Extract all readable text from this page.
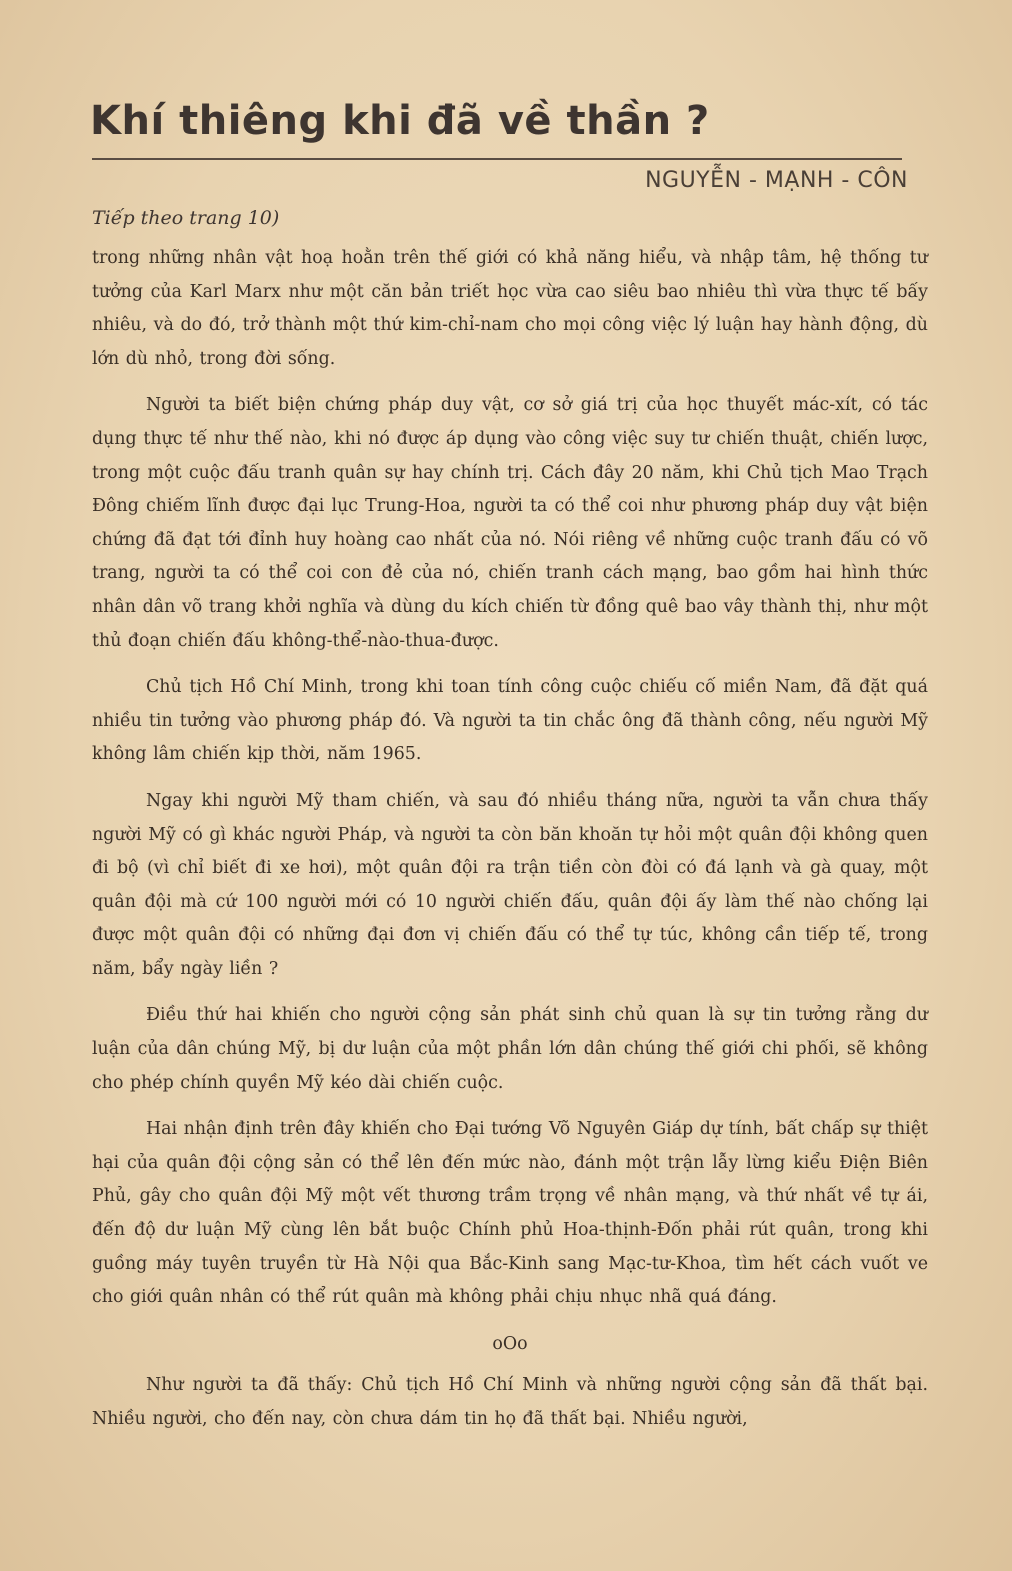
Khí thiêng khi đã về thần ?
NGUYỄN - MẠNH - CÔN
Tiếp theo trang 10)

trong những nhân vật hoạ hoằn trên thế giới có khả năng hiểu, và nhập tâm, hệ thống tư tưởng của Karl Marx như một căn bản triết học vừa cao siêu bao nhiêu thì vừa thực tế bấy nhiêu, và do đó, trở thành một thứ kim-chỉ-nam cho mọi công việc lý luận hay hành động, dù lớn dù nhỏ, trong đời sống.

Người ta biết biện chứng pháp duy vật, cơ sở giá trị của học thuyết mác-xít, có tác dụng thực tế như thế nào, khi nó được áp dụng vào công việc suy tư chiến thuật, chiến lược, trong một cuộc đấu tranh quân sự hay chính trị. Cách đây 20 năm, khi Chủ tịch Mao Trạch Đông chiếm lĩnh được đại lục Trung-Hoa, người ta có thể coi như phương pháp duy vật biện chứng đã đạt tới đỉnh huy hoàng cao nhất của nó. Nói riêng về những cuộc tranh đấu có võ trang, người ta có thể coi con đẻ của nó, chiến tranh cách mạng, bao gồm hai hình thức nhân dân võ trang khởi nghĩa và dùng du kích chiến từ đồng quê bao vây thành thị, như một thủ đoạn chiến đấu không-thể-nào-thua-được.

Chủ tịch Hồ Chí Minh, trong khi toan tính công cuộc chiếu cố miền Nam, đã đặt quá nhiều tin tưởng vào phương pháp đó. Và người ta tin chắc ông đã thành công, nếu người Mỹ không lâm chiến kịp thời, năm 1965.

Ngay khi người Mỹ tham chiến, và sau đó nhiều tháng nữa, người ta vẫn chưa thấy người Mỹ có gì khác người Pháp, và người ta còn băn khoăn tự hỏi một quân đội không quen đi bộ (vì chỉ biết đi xe hơi), một quân đội ra trận tiền còn đòi có đá lạnh và gà quay, một quân đội mà cứ 100 người mới có 10 người chiến đấu, quân đội ấy làm thế nào chống lại được một quân đội có những đại đơn vị chiến đấu có thể tự túc, không cần tiếp tế, trong năm, bẩy ngày liền ?

Điều thứ hai khiến cho người cộng sản phát sinh chủ quan là sự tin tưởng rằng dư luận của dân chúng Mỹ, bị dư luận của một phần lớn dân chúng thế giới chi phối, sẽ không cho phép chính quyền Mỹ kéo dài chiến cuộc.

Hai nhận định trên đây khiến cho Đại tướng Võ Nguyên Giáp dự tính, bất chấp sự thiệt hại của quân đội cộng sản có thể lên đến mức nào, đánh một trận lẫy lừng kiểu Điện Biên Phủ, gây cho quân đội Mỹ một vết thương trầm trọng về nhân mạng, và thứ nhất về tự ái, đến độ dư luận Mỹ cùng lên bắt buộc Chính phủ Hoa-thịnh-Đốn phải rút quân, trong khi guồng máy tuyên truyền từ Hà Nội qua Bắc-Kinh sang Mạc-tư-Khoa, tìm hết cách vuốt ve cho giới quân nhân có thể rút quân mà không phải chịu nhục nhã quá đáng.

oOo

Như người ta đã thấy: Chủ tịch Hồ Chí Minh và những người cộng sản đã thất bại. Nhiều người, cho đến nay, còn chưa dám tin họ đã thất bại. Nhiều người,
